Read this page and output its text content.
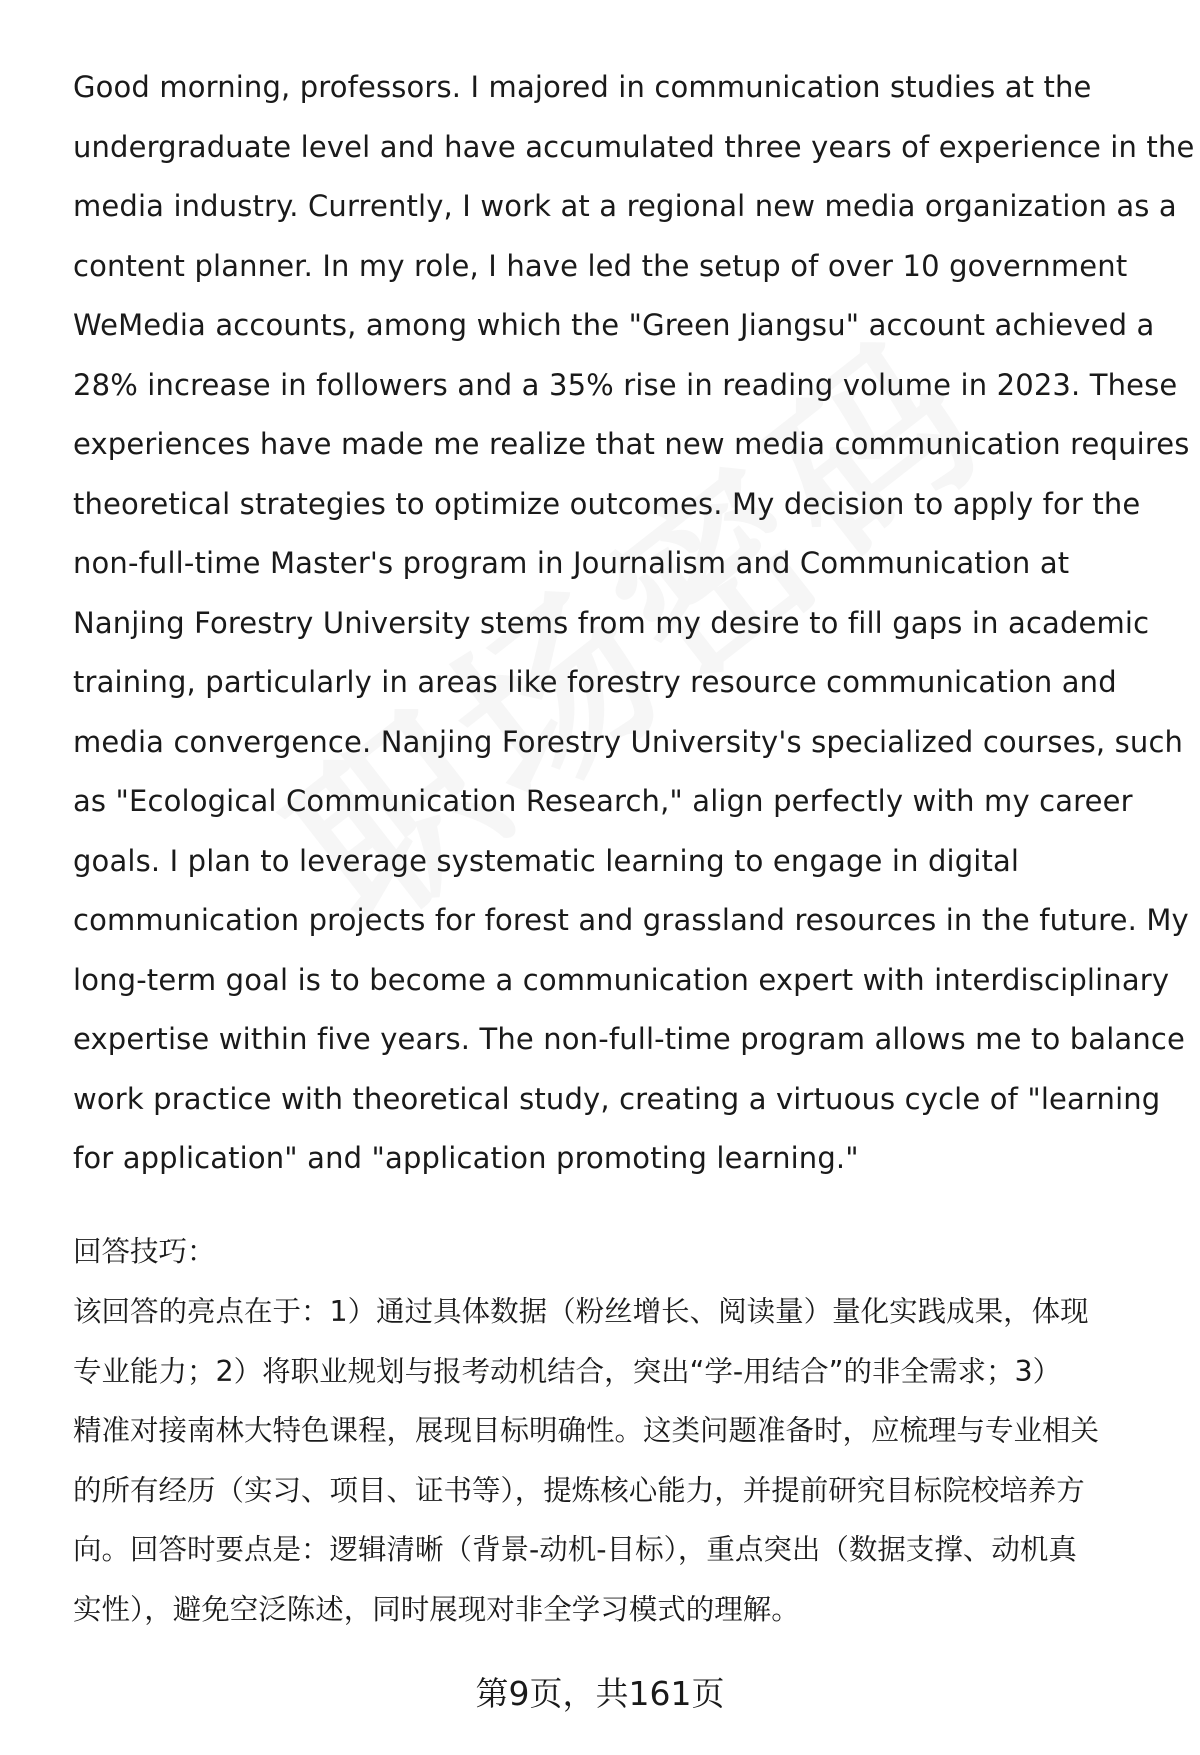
Good morning, professors. I majored in communication studies at the
undergraduate level and have accumulated three years of experience in the
media industry. Currently, I work at a regional new media organization as a
content planner. In my role, I have led the setup of over 10 government
WeMedia accounts, among which the "Green Jiangsu" account achieved a
28% increase in followers and a 35% rise in reading volume in 2023. These
experiences have made me realize that new media communication requires
theoretical strategies to optimize outcomes. My decision to apply for the
non-full-time Master's program in Journalism and Communication at
Nanjing Forestry University stems from my desire to fill gaps in academic
training, particularly in areas like forestry resource communication and
media convergence. Nanjing Forestry University's specialized courses, such
as "Ecological Communication Research," align perfectly with my career
goals. I plan to leverage systematic learning to engage in digital
communication projects for forest and grassland resources in the future. My
long-term goal is to become a communication expert with interdisciplinary
expertise within five years. The non-full-time program allows me to balance
work practice with theoretical study, creating a virtuous cycle of "learning
for application" and "application promoting learning."

回答技巧：

该回答的亮点在于：1）通过具体数据（粉丝增长、阅读量）量化实践成果，体现
专业能力；2）将职业规划与报考动机结合，突出“学-用结合”的非全需求；3）
精准对接南林大特色课程，展现目标明确性。这类问题准备时，应梳理与专业相关
的所有经历（实习、项目、证书等），提炼核心能力，并提前研究目标院校培养方
向。回答时要点是：逻辑清晰（背景-动机-目标），重点突出（数据支撑、动机真
实性），避免空泛陈述，同时展现对非全学习模式的理解。

第9页，共161页
